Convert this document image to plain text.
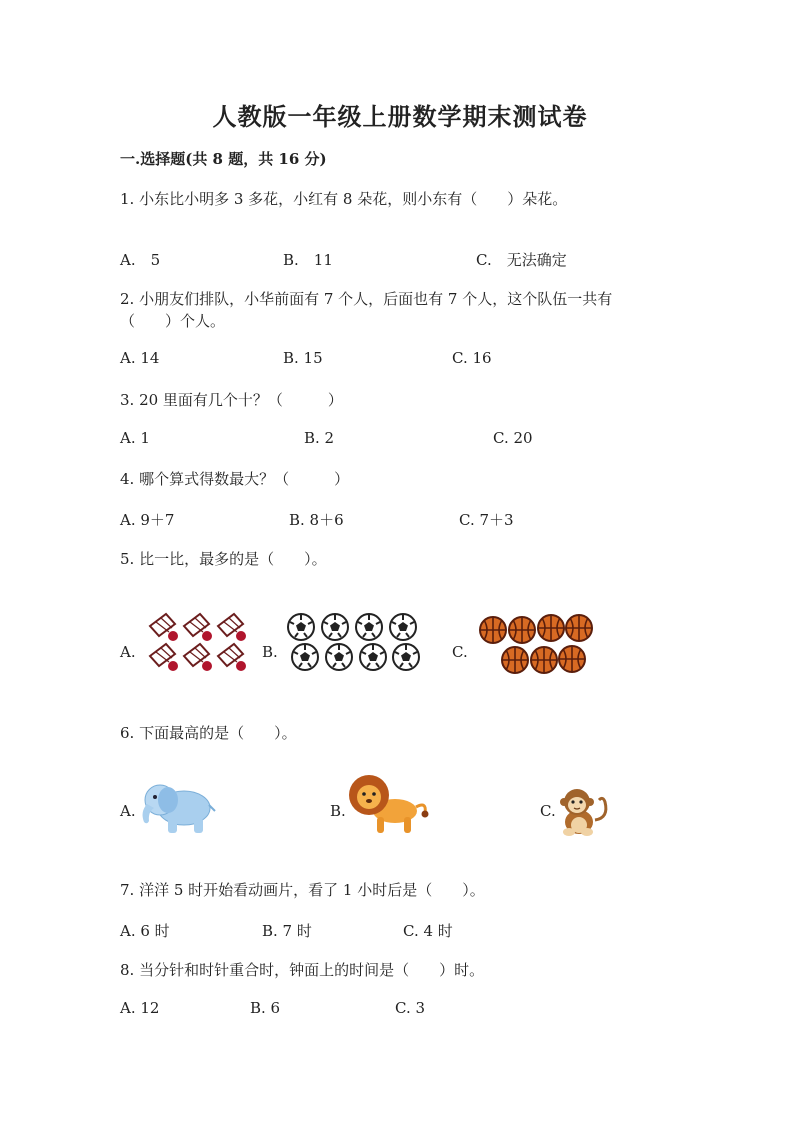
人教版一年级上册数学期末测试卷
一.选择题(共 8 题，共 16 分)
1. 小东比小明多 3 多花，小红有 8 朵花，则小东有（　　）朵花。
A.　5	B.　11	C.　无法确定
2. 小朋友们排队，小华前面有 7 个人，后面也有 7 个人，这个队伍一共有
（　　）个人。
A. 14	B. 15	C. 16
3. 20 里面有几个十？（　　　）
A. 1	B. 2	C. 20
4. 哪个算式得数最大？（　　　）
A. 9＋7	B. 8＋6	C. 7＋3
5. 比一比，最多的是（　　）。
A.	B.	C.
6. 下面最高的是（　　）。
A.	B.	C.
7. 洋洋 5 时开始看动画片，看了 1 小时后是（　　）。
A. 6 时	B. 7 时	C. 4 时
8. 当分针和时针重合时，钟面上的时间是（　　）时。
A. 12	B. 6	C. 3
